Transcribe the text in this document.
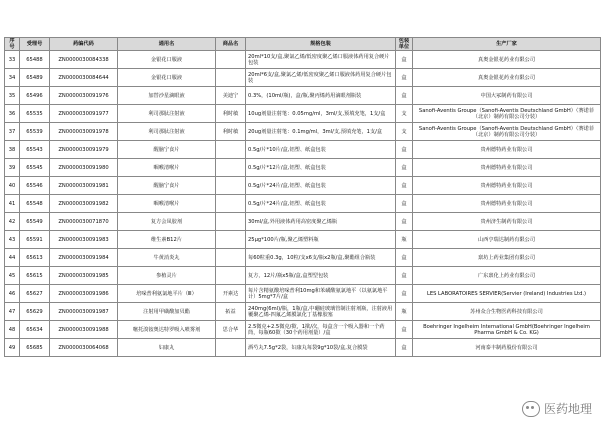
序号	受理号	药编代码	通用名	商品名	规格包装	包装单位	生产厂家
33	65488	ZN0000030084338	金银花口服液		20ml*10支/盒,聚氯乙烯/低密度聚乙烯口服液体药用复合硬片包装	盒	真奥金银花药业有限公司
34	65489	ZN0000030084644	金银花口服液		20ml*6支/盒,聚氯乙烯/低密度聚乙烯口服液体药用复合硬片包装	盒	真奥金银花药业有限公司
35	65496	ZN0000030091976	加替沙星滴眼液	美迪宁	0.3%，(10ml/瓶)，盒/瓶,聚丙烯药用滴眼剂瓶装	盒	中国大冢制药有限公司
36	65535	ZN0000030091977	利司那肽注射液	利时敏	10ug剂量注射笔：0.05mg/ml，3ml/支,预填充笔，1支/盒	支	Sanofi-Aventis Groupe（Sanofi-Aventis Deutschland GmbH）（赛诺菲（北京）制药有限公司分装）
37	65539	ZN0000030091978	利司那肽注射液	利时敏	20ug剂量注射笔：0.1mg/ml，3ml/支,预填充笔，1支/盒	支	Sanofi-Aventis Groupe（Sanofi-Aventis Deutschland GmbH）（赛诺菲（北京）制药有限公司分装）
38	65543	ZN0000030091979	醒脑宁食片		0.5g/片*10片/盒,铝塑、纸盒包装	盒	贵州德特药业有限公司
39	65545	ZN0000030091980	咽喉清喉片		0.5g/片*12片/盒,铝塑、纸盒包装	盒	贵州德特药业有限公司
40	65546	ZN0000030091981	醒脑宁食片		0.5g/片*24片/盒,铝塑、纸盒包装	盒	贵州德特药业有限公司
41	65548	ZN0000030091982	咽喉清喉片		0.5g/片*24片/盒,铝塑、纸盒包装	盒	贵州德特药业有限公司
42	65549	ZN0000030071870	复方会凤胶剂		30ml/盒,外用液体药用高密度聚乙烯瓶	盒	贵州济生制药有限公司
43	65591	ZN0000030091983	维生素B12片		25μg*100片/瓶,聚乙烯塑料瓶	瓶	山西亨瑞达制药有限公司
44	65613	ZN0000030091984	牛黄消炎丸		每60粒重0.3g，10粒/支x6支/瓶x2瓶/盒,聚酯组合瓶装	盒	禀坊上药业集团有限公司
45	65615	ZN0000030091985	参植灵片		复方，12片/瓶x5瓶/盒,盒塑型包装	盒	广东禀化上药业有限公司
46	65627	ZN0000030091986	培哚普利氨氯地平片（Ⅲ）	开素达	每片含精氨酸培哚普利10mg和苯磺酸氨氯地平（以氨氯地平计）5mg*7片/盒	盒	LES LABORATOIRES SERVIER(Servier (Ireland) Industries Ltd.)
47	65629	ZN0000030091987	注射用甲磺酸加贝酯	拓益	240mg(6ml)/瓶，1瓶/盒,中硼硅玻璃管制注射剂瓶，注射液用覆聚乙烯-四氟乙烯膜氯化丁基橡胶塞	瓶	苏州众合生物医药科技有限公司
48	65634	ZN0000030091988	噻托溴铵奥达特罗吸入喷雾剂	思合华	2.5微克+2.5微克/揿，1揿/次，每盒含一个吸入器和一个药筒，每瓶60揿（30个药用剂量）/盒	盒	Boehringer Ingelheim International GmbH(Boehringer Ingelheim Pharma GmbH & Co. KG)
49	65685	ZN0000030064068	妇康丸		酒芍丸7.5g*2袋，妇康丸每袋9g*10袋/盒,复合膜袋	盒	河南泰丰制药股份有限公司
医药地理
